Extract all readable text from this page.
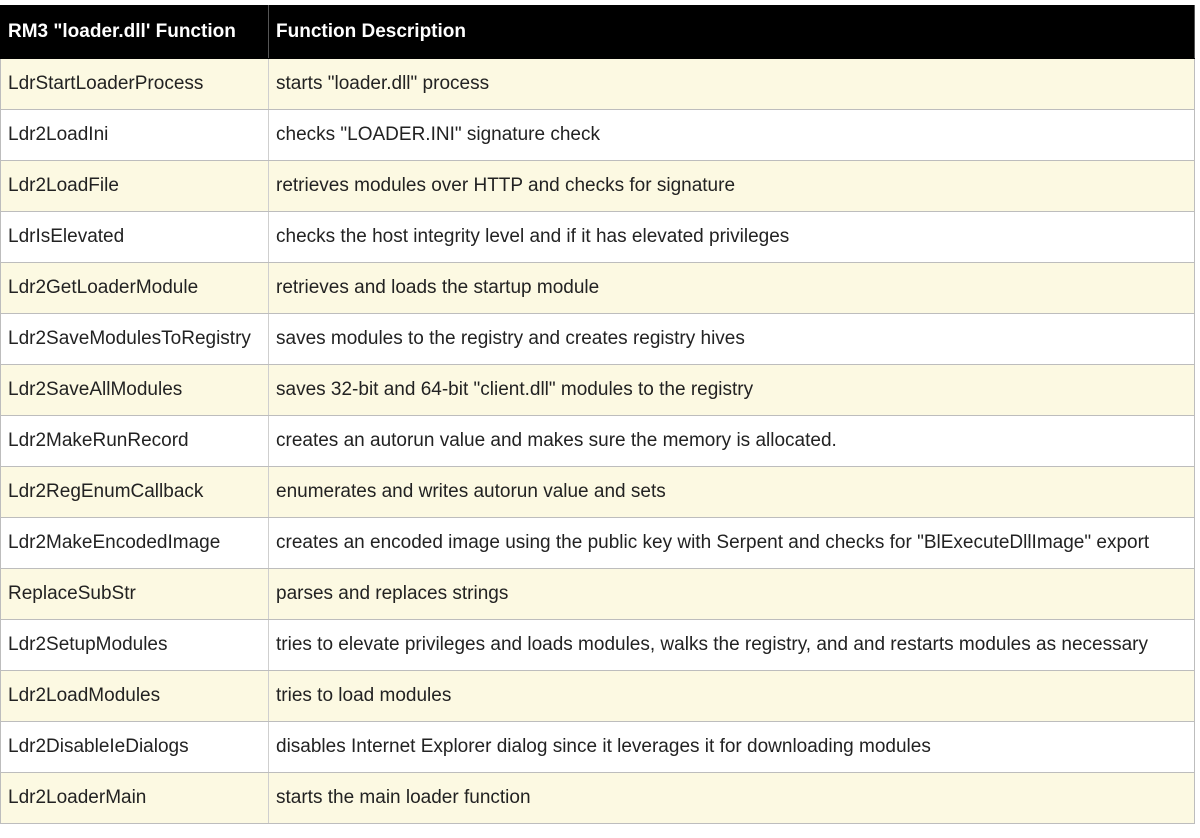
RM3 "loader.dll' Function	Function Description
LdrStartLoaderProcess	starts "loader.dll" process
Ldr2LoadIni	checks "LOADER.INI" signature check
Ldr2LoadFile	retrieves modules over HTTP and checks for signature
LdrIsElevated	checks the host integrity level and if it has elevated privileges
Ldr2GetLoaderModule	retrieves and loads the startup module
Ldr2SaveModulesToRegistry	saves modules to the registry and creates registry hives
Ldr2SaveAllModules	saves 32-bit and 64-bit "client.dll" modules to the registry
Ldr2MakeRunRecord	creates an autorun value and makes sure the memory is allocated.
Ldr2RegEnumCallback	enumerates and writes autorun value and sets
Ldr2MakeEncodedImage	creates an encoded image using the public key with Serpent and checks for "BlExecuteDllImage" export
ReplaceSubStr	parses and replaces strings
Ldr2SetupModules	tries to elevate privileges and loads modules, walks the registry, and and restarts modules as necessary
Ldr2LoadModules	tries to load modules
Ldr2DisableIeDialogs	disables Internet Explorer dialog since it leverages it for downloading modules
Ldr2LoaderMain	starts the main loader function
